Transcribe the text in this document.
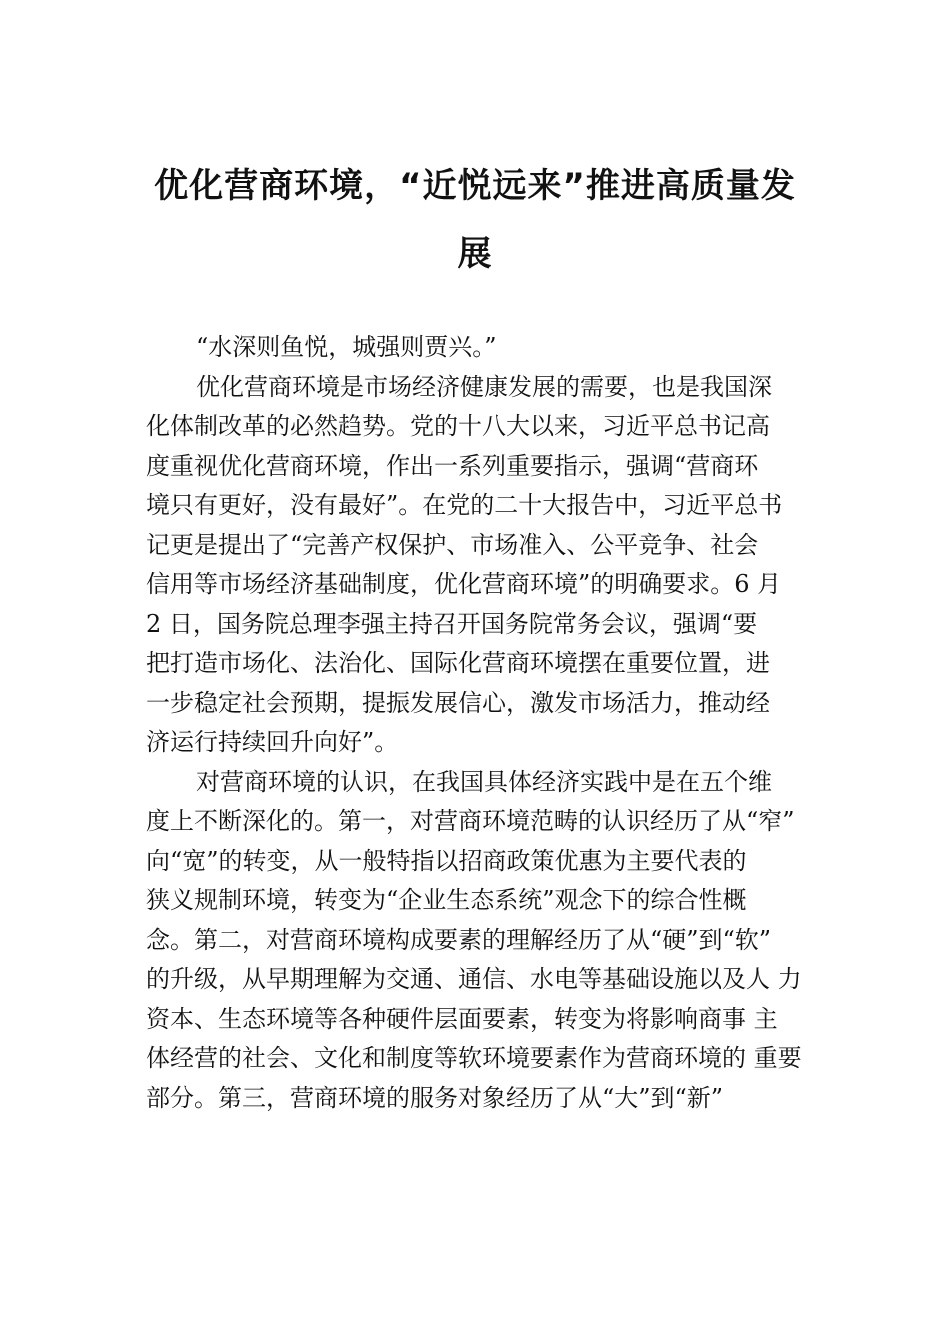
优化营商环境，“近悦远来”推进高质量发
展
“水深则鱼悦，城强则贾兴。”
优化营商环境是市场经济健康发展的需要，也是我国深
化体制改革的必然趋势。党的十八大以来，习近平总书记高
度重视优化营商环境，作出一系列重要指示，强调“营商环
境只有更好，没有最好”。在党的二十大报告中，习近平总书
记更是提出了“完善产权保护、市场准入、公平竞争、社会
信用等市场经济基础制度，优化营商环境”的明确要求。6 月
2 日，国务院总理李强主持召开国务院常务会议，强调“要
把打造市场化、法治化、国际化营商环境摆在重要位置，进
一步稳定社会预期，提振发展信心，激发市场活力，推动经
济运行持续回升向好”。
对营商环境的认识，在我国具体经济实践中是在五个维
度上不断深化的。第一，对营商环境范畴的认识经历了从“窄”
向“宽”的转变，从一般特指以招商政策优惠为主要代表的
狭义规制环境，转变为“企业生态系统”观念下的综合性概
念。第二，对营商环境构成要素的理解经历了从“硬”到“软”
的升级，从早期理解为交通、通信、水电等基础设施以及人 力
资本、生态环境等各种硬件层面要素，转变为将影响商事 主
体经营的社会、文化和制度等软环境要素作为营商环境的 重要
部分。第三，营商环境的服务对象经历了从“大”到“新”
